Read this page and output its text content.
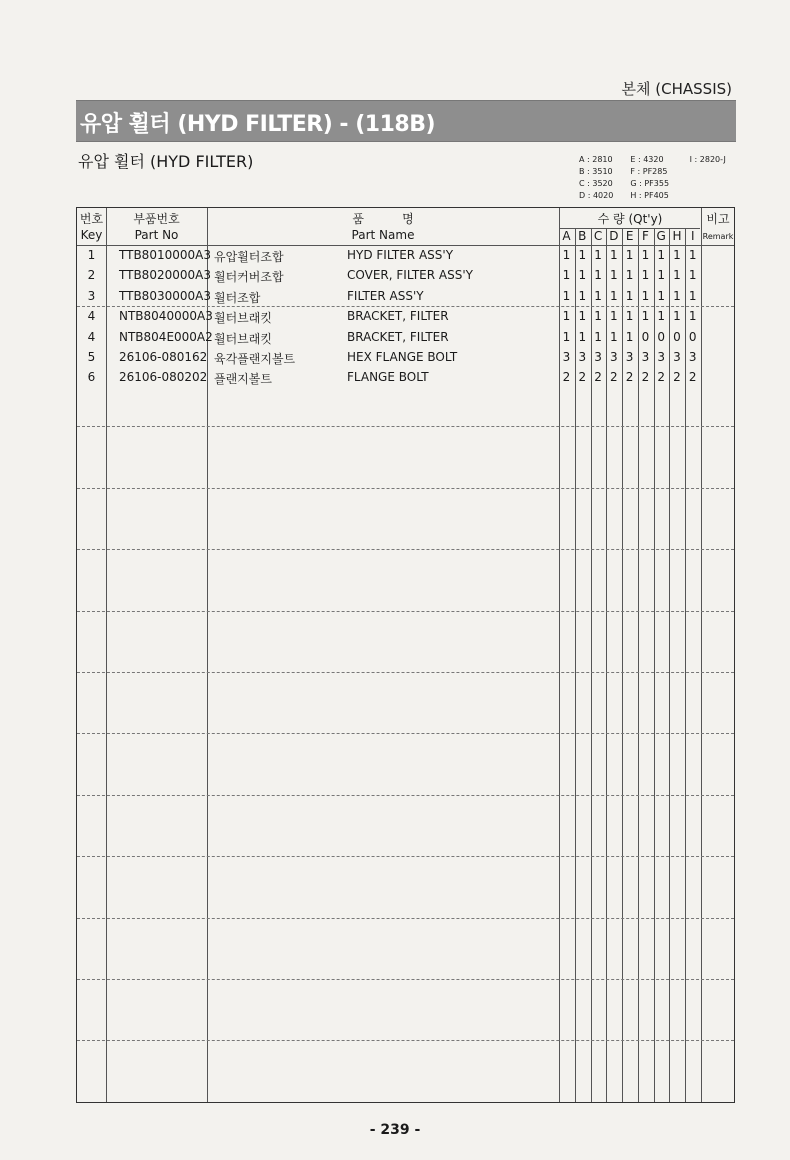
본체 (CHASSIS)
유압 휠터 (HYD FILTER) - (118B)
유압 휠터 (HYD FILTER)	A : 2810	E : 4320	I : 2820-J
B : 3510	F : PF285
C : 3520	G : PF355
D : 4020	H : PF405
번호
Key
부품번호
Part No
품          명
Part Name
수 량 (Qt'y)	비고
Remark
A B C D E F G H I
1	TTB8010000A3 유압휠터조합	HYD FILTER ASS'Y	1 1 1 1 1 1 1 1 1
2	TTB8020000A3 휠터커버조합	COVER, FILTER ASS'Y	1 1 1 1 1 1 1 1 1
3	TTB8030000A3 휠터조합	FILTER ASS'Y	1 1 1 1 1 1 1 1 1
4	NTB8040000A3 휠터브래킷	BRACKET, FILTER	1 1 1 1 1 1 1 1 1
4	NTB804E000A2 휠터브래킷	BRACKET, FILTER	1 1 1 1 1 0 0 0 0
5	26106-080162 육각플랜지볼트	HEX FLANGE BOLT	3 3 3 3 3 3 3 3 3
6	26106-080202 플랜지볼트	FLANGE BOLT	2 2 2 2 2 2 2 2 2
- 239 -
